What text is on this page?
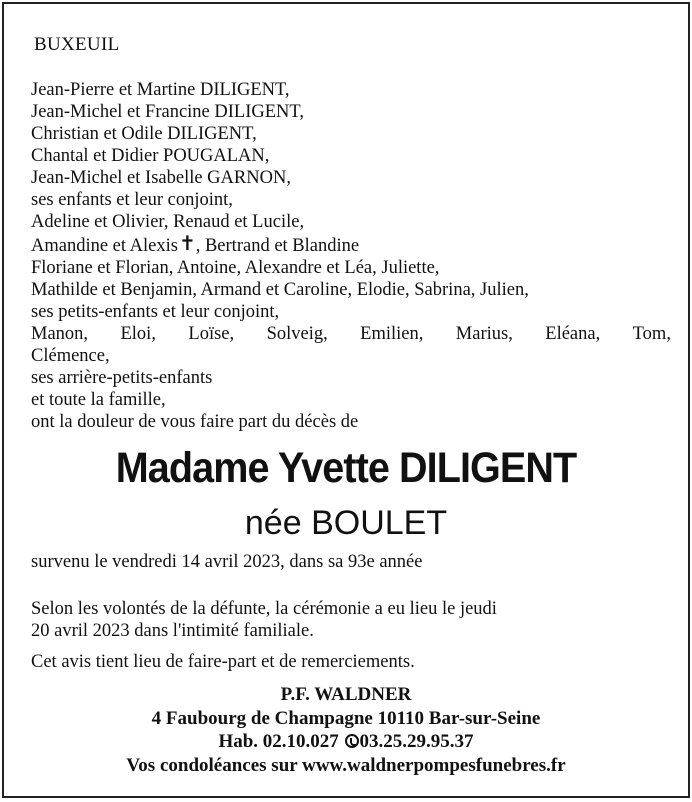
BUXEUIL
Jean-Pierre et Martine DILIGENT,
Jean-Michel et Francine DILIGENT,
Christian et Odile DILIGENT,
Chantal et Didier POUGALAN,
Jean-Michel et Isabelle GARNON,
ses enfants et leur conjoint,
Adeline et Olivier, Renaud et Lucile,
Amandine et Alexis✝, Bertrand et Blandine
Floriane et Florian, Antoine, Alexandre et Léa, Juliette,
Mathilde et Benjamin, Armand et Caroline, Elodie, Sabrina, Julien,
ses petits-enfants et leur conjoint,
Manon, Eloi, Loïse, Solveig, Emilien, Marius, Eléana, Tom,
Clémence,
ses arrière-petits-enfants
et toute la famille,
ont la douleur de vous faire part du décès de
Madame Yvette DILIGENT
née BOULET
survenu le vendredi 14 avril 2023, dans sa 93e année
Selon les volontés de la défunte, la cérémonie a eu lieu le jeudi
20 avril 2023 dans l'intimité familiale.
Cet avis tient lieu de faire-part et de remerciements.
P.F. WALDNER
4 Faubourg de Champagne 10110 Bar-sur-Seine
Hab. 02.10.027 03.25.29.95.37
Vos condoléances sur www.waldnerpompesfunebres.fr
